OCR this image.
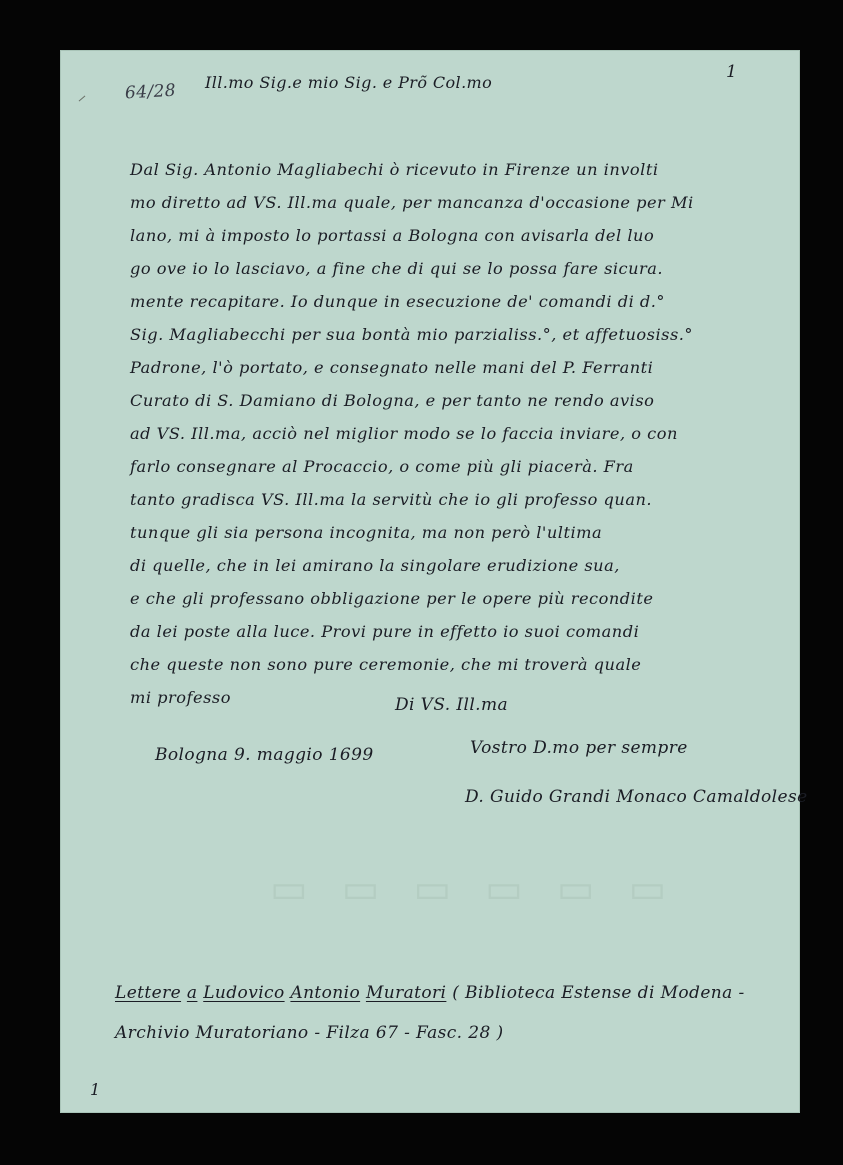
64/28 Ill.mo Sig.e mio Sig. e Prõ Col.mo
1
Dal Sig. Antonio Magliabechi ò ricevuto in Firenze un involti
mo diretto ad VS. Ill.ma quale, per mancanza d'occasione per Mi
lano, mi à imposto lo portassi a Bologna con avisarla del luo
go ove io lo lasciavo, a fine che di qui se lo possa fare sicura.
mente recapitare. Io dunque in esecuzione de' comandi di d.°
Sig. Magliabecchi per sua bontà mio parzialiss.°, et affetuosiss.°
Padrone, l'ò portato, e consegnato nelle mani del P. Ferranti
Curato di S. Damiano di Bologna, e per tanto ne rendo aviso
ad VS. Ill.ma, acciò nel miglior modo se lo faccia inviare, o con
farlo consegnare al Procaccio, o come più gli piacerà. Fra
tanto gradisca VS. Ill.ma la servitù che io gli professo quan.
tunque gli sia persona incognita, ma non però l'ultima
di quelle, che in lei amirano la singolare erudizione sua,
e che gli professano obbligazione per le opere più recondite
da lei poste alla luce. Provi pure in effetto io suoi comandi
che queste non sono pure ceremonie, che mi troverà quale
mi professo	Di VS. Ill.ma
Bologna 9. maggio 1699	Vostro D.mo per sempre
D. Guido Grandi Monaco Camaldolese
▭ ▭ ▭ ▭ ▭ ▭
Lettere a Ludovico Antonio Muratori ( Biblioteca Estense di Modena - Archivio Muratoriano - Filza 67 - Fasc. 28 )
1
